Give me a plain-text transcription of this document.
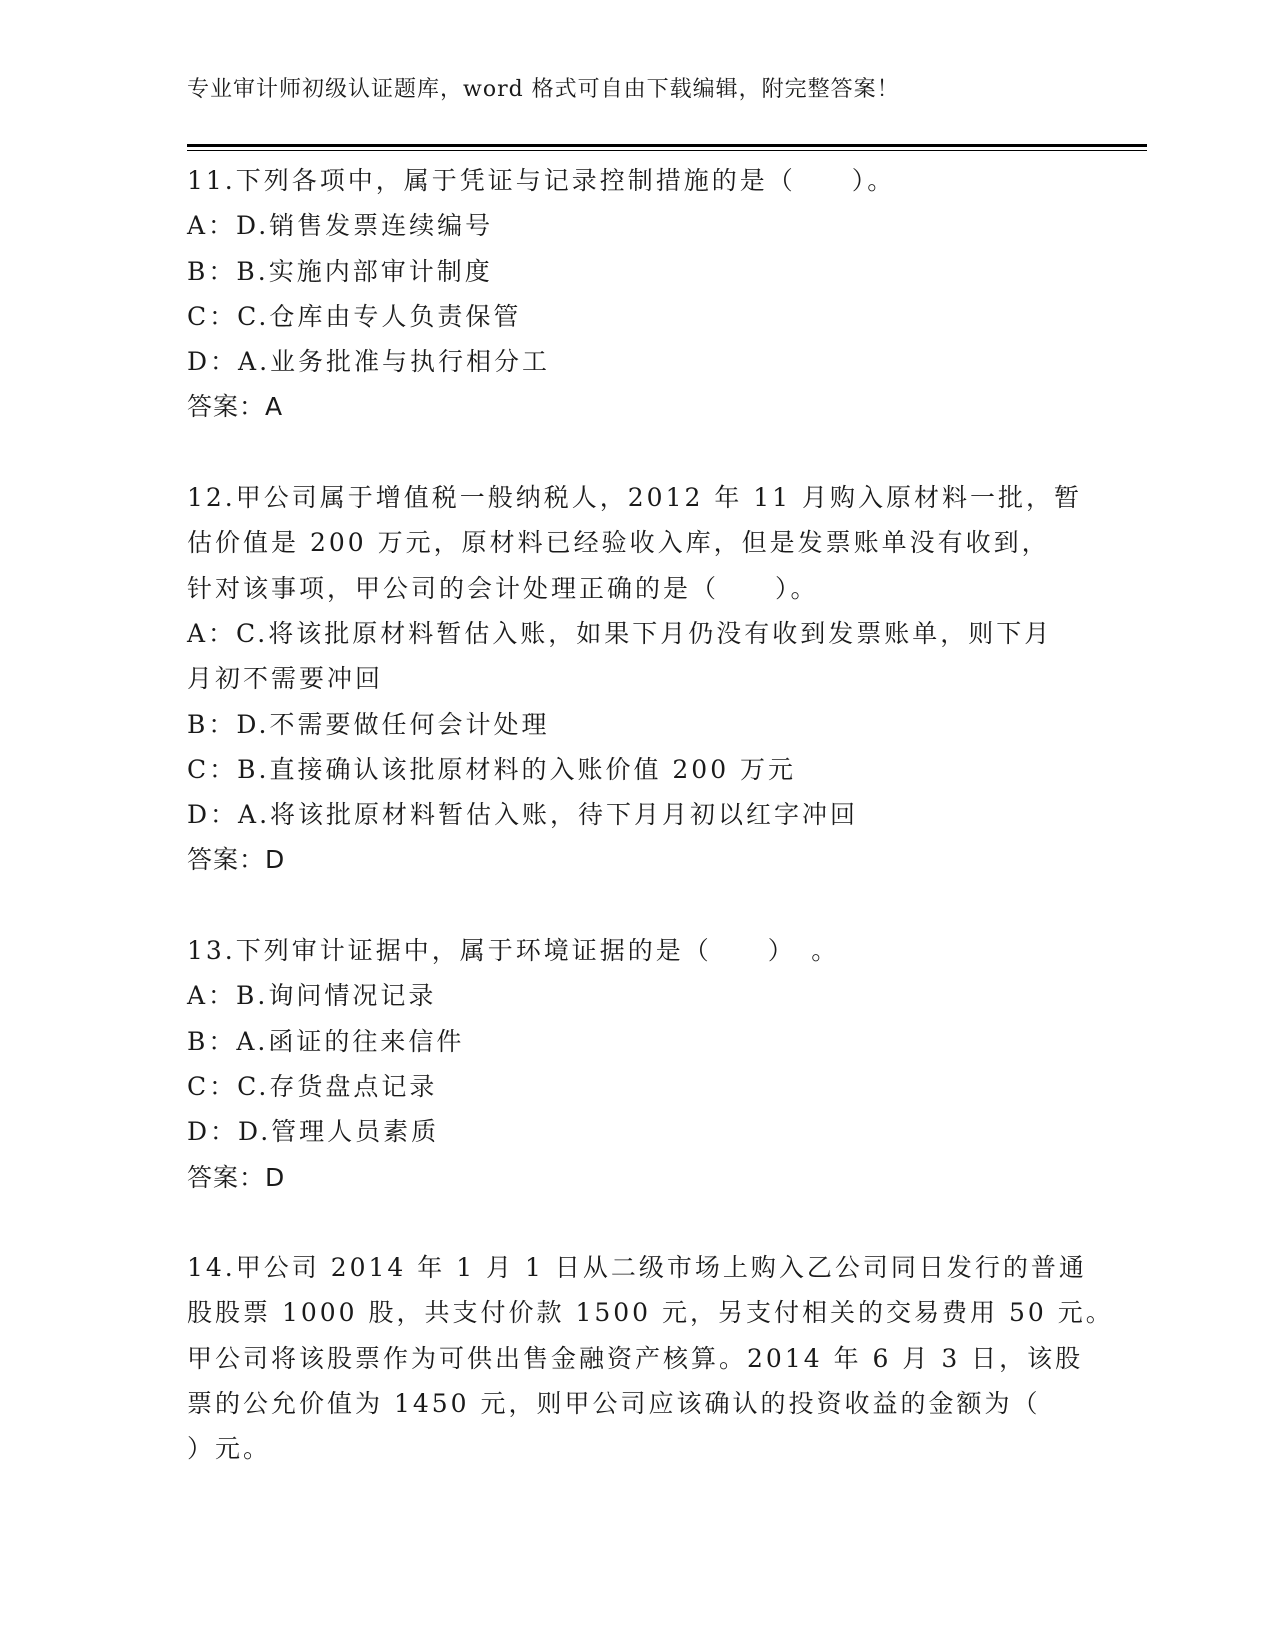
专业审计师初级认证题库，word 格式可自由下载编辑，附完整答案！
11.下列各项中，属于凭证与记录控制措施的是（　　）。
A：D.销售发票连续编号
B：B.实施内部审计制度
C：C.仓库由专人负责保管
D：A.业务批准与执行相分工
答案：A
12.甲公司属于增值税一般纳税人，2012 年 11 月购入原材料一批，暂
估价值是 200 万元，原材料已经验收入库，但是发票账单没有收到，
针对该事项，甲公司的会计处理正确的是（　　）。
A：C.将该批原材料暂估入账，如果下月仍没有收到发票账单，则下月
月初不需要冲回
B：D.不需要做任何会计处理
C：B.直接确认该批原材料的入账价值 200 万元
D：A.将该批原材料暂估入账，待下月月初以红字冲回
答案：D
13.下列审计证据中，属于环境证据的是（　　）　。
A：B.询问情况记录
B：A.函证的往来信件
C：C.存货盘点记录
D：D.管理人员素质
答案：D
14.甲公司 2014 年 1 月 1 日从二级市场上购入乙公司同日发行的普通
股股票 1000 股，共支付价款 1500 元，另支付相关的交易费用 50 元。
甲公司将该股票作为可供出售金融资产核算。2014 年 6 月 3 日，该股
票的公允价值为 1450 元，则甲公司应该确认的投资收益的金额为（
）元。
